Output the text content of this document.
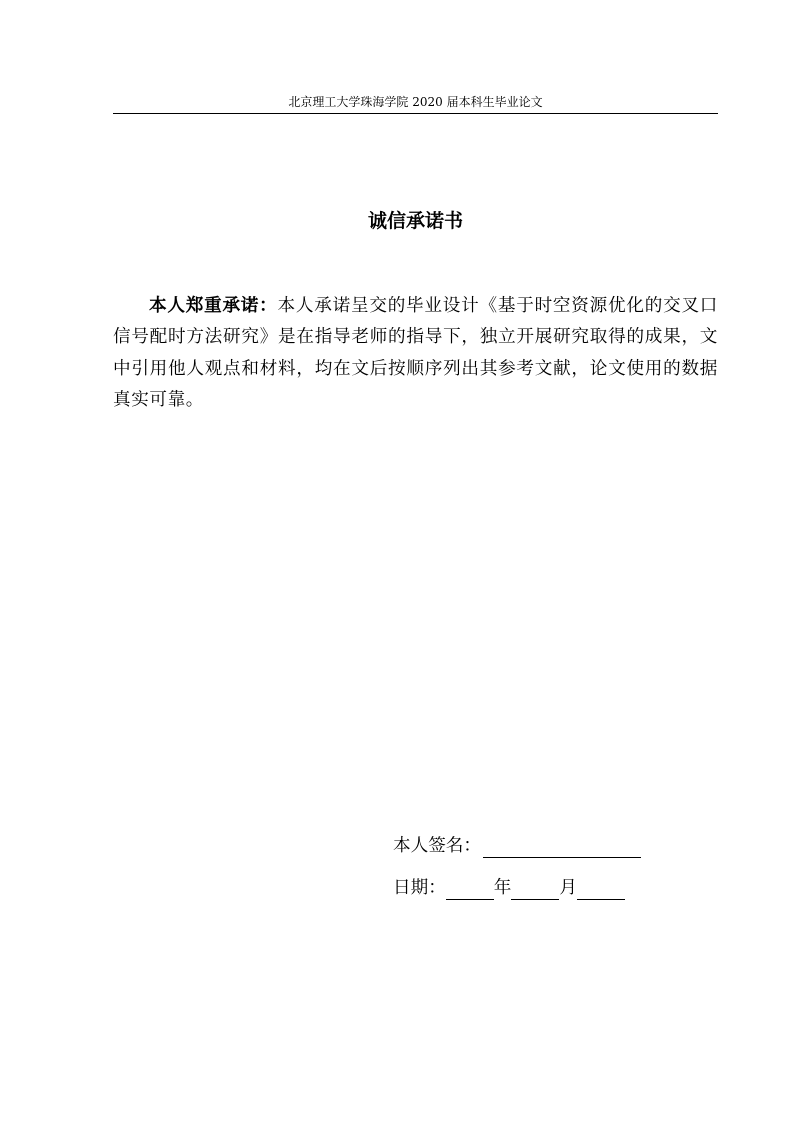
北京理工大学珠海学院 2020 届本科生毕业论文
诚信承诺书

本人郑重承诺：本人承诺呈交的毕业设计《基于时空资源优化的交叉口信号配时方法研究》是在指导老师的指导下，独立开展研究取得的成果，文中引用他人观点和材料，均在文后按顺序列出其参考文献，论文使用的数据真实可靠。

本人签名：
日期：	年	月
